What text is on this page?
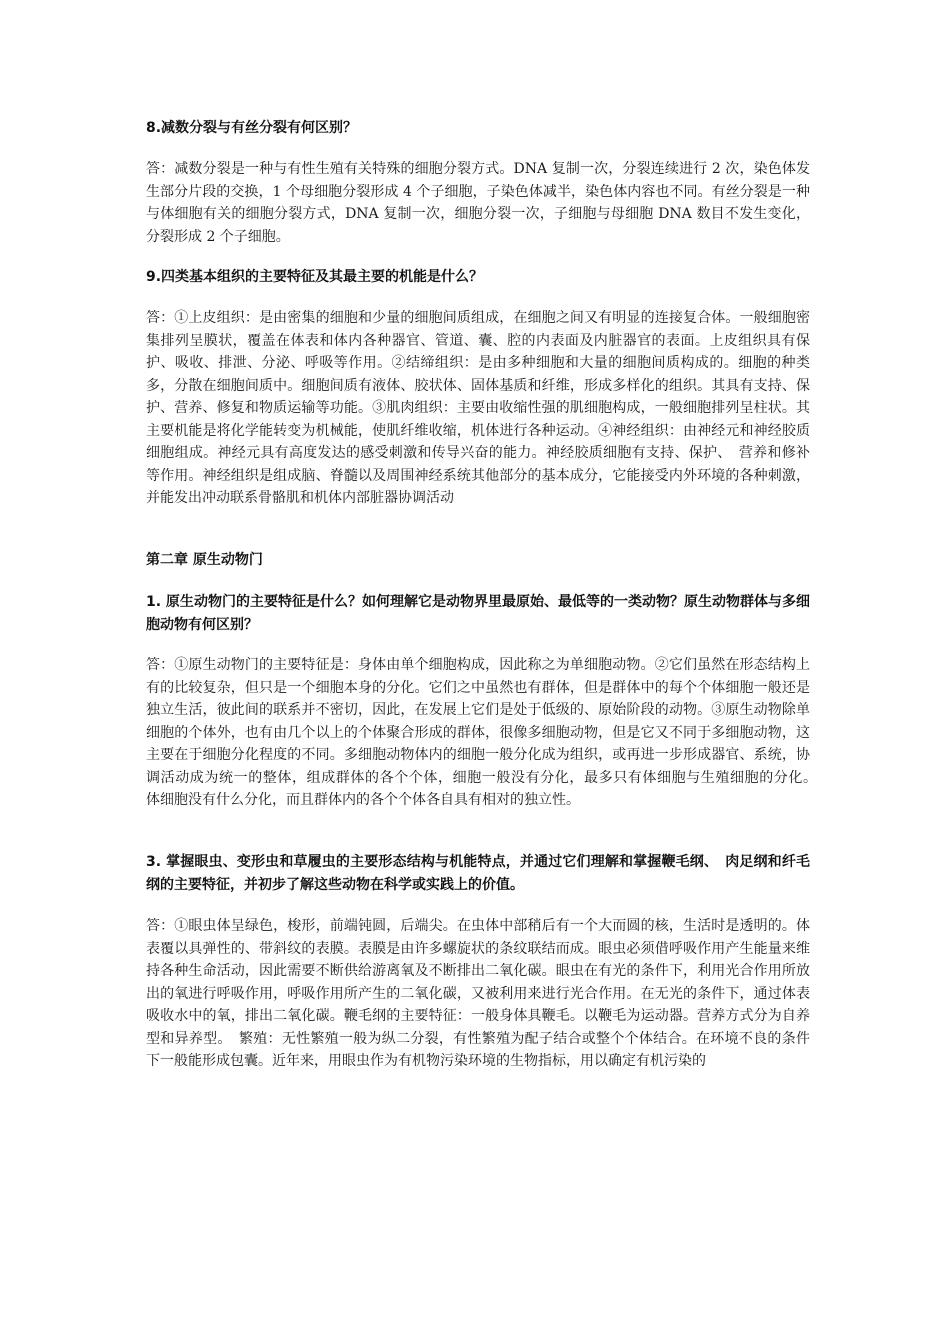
8.减数分裂与有丝分裂有何区别？

答：减数分裂是一种与有性生殖有关特殊的细胞分裂方式。DNA 复制一次，分裂连续进行 2 次，染色体发生部分片段的交换，1 个母细胞分裂形成 4 个子细胞，子染色体减半，染色体内容也不同。有丝分裂是一种与体细胞有关的细胞分裂方式，DNA 复制一次，细胞分裂一次，子细胞与母细胞 DNA 数目不发生变化，分裂形成 2 个子细胞。

9.四类基本组织的主要特征及其最主要的机能是什么？

答：①上皮组织：是由密集的细胞和少量的细胞间质组成，在细胞之间又有明显的连接复合体。一般细胞密集排列呈膜状，覆盖在体表和体内各种器官、管道、囊、腔的内表面及内脏器官的表面。上皮组织具有保护、吸收、排泄、分泌、呼吸等作用。②结缔组织：是由多种细胞和大量的细胞间质构成的。细胞的种类多，分散在细胞间质中。细胞间质有液体、胶状体、固体基质和纤维，形成多样化的组织。其具有支持、保护、营养、修复和物质运输等功能。③肌肉组织：主要由收缩性强的肌细胞构成，一般细胞排列呈柱状。其主要机能是将化学能转变为机械能，使肌纤维收缩，机体进行各种运动。④神经组织：由神经元和神经胶质细胞组成。神经元具有高度发达的感受刺激和传导兴奋的能力。神经胶质细胞有支持、保护、　营养和修补等作用。神经组织是组成脑、脊髓以及周围神经系统其他部分的基本成分，它能接受内外环境的各种刺激，并能发出冲动联系骨骼肌和机体内部脏器协调活动

第二章 原生动物门

1. 原生动物门的主要特征是什么？如何理解它是动物界里最原始、最低等的一类动物？原生动物群体与多细胞动物有何区别？

答：①原生动物门的主要特征是：身体由单个细胞构成，因此称之为单细胞动物。②它们虽然在形态结构上有的比较复杂，但只是一个细胞本身的分化。它们之中虽然也有群体，但是群体中的每个个体细胞一般还是独立生活，彼此间的联系并不密切，因此，在发展上它们是处于低级的、原始阶段的动物。③原生动物除单细胞的个体外，也有由几个以上的个体聚合形成的群体，很像多细胞动物，但是它又不同于多细胞动物，这主要在于细胞分化程度的不同。多细胞动物体内的细胞一般分化成为组织，或再进一步形成器官、系统，协调活动成为统一的整体，组成群体的各个个体，细胞一般没有分化，最多只有体细胞与生殖细胞的分化。　体细胞没有什么分化，而且群体内的各个个体各自具有相对的独立性。

3. 掌握眼虫、变形虫和草履虫的主要形态结构与机能特点，并通过它们理解和掌握鞭毛纲、　肉足纲和纤毛纲的主要特征，并初步了解这些动物在科学或实践上的价值。

答：①眼虫体呈绿色，梭形，前端钝圆，后端尖。在虫体中部稍后有一个大而圆的核，生活时是透明的。体表覆以具弹性的、带斜纹的表膜。表膜是由许多螺旋状的条纹联结而成。眼虫必须借呼吸作用产生能量来维持各种生命活动，因此需要不断供给游离氧及不断排出二氧化碳。眼虫在有光的条件下，利用光合作用所放出的氧进行呼吸作用，呼吸作用所产生的二氧化碳，又被利用来进行光合作用。在无光的条件下，通过体表吸收水中的氧，排出二氧化碳。鞭毛纲的主要特征：一般身体具鞭毛。以鞭毛为运动器。营养方式分为自养型和异养型。　繁殖：无性繁殖一般为纵二分裂，有性繁殖为配子结合或整个个体结合。在环境不良的条件下一般能形成包囊。近年来，用眼虫作为有机物污染环境的生物指标，用以确定有机污染的
